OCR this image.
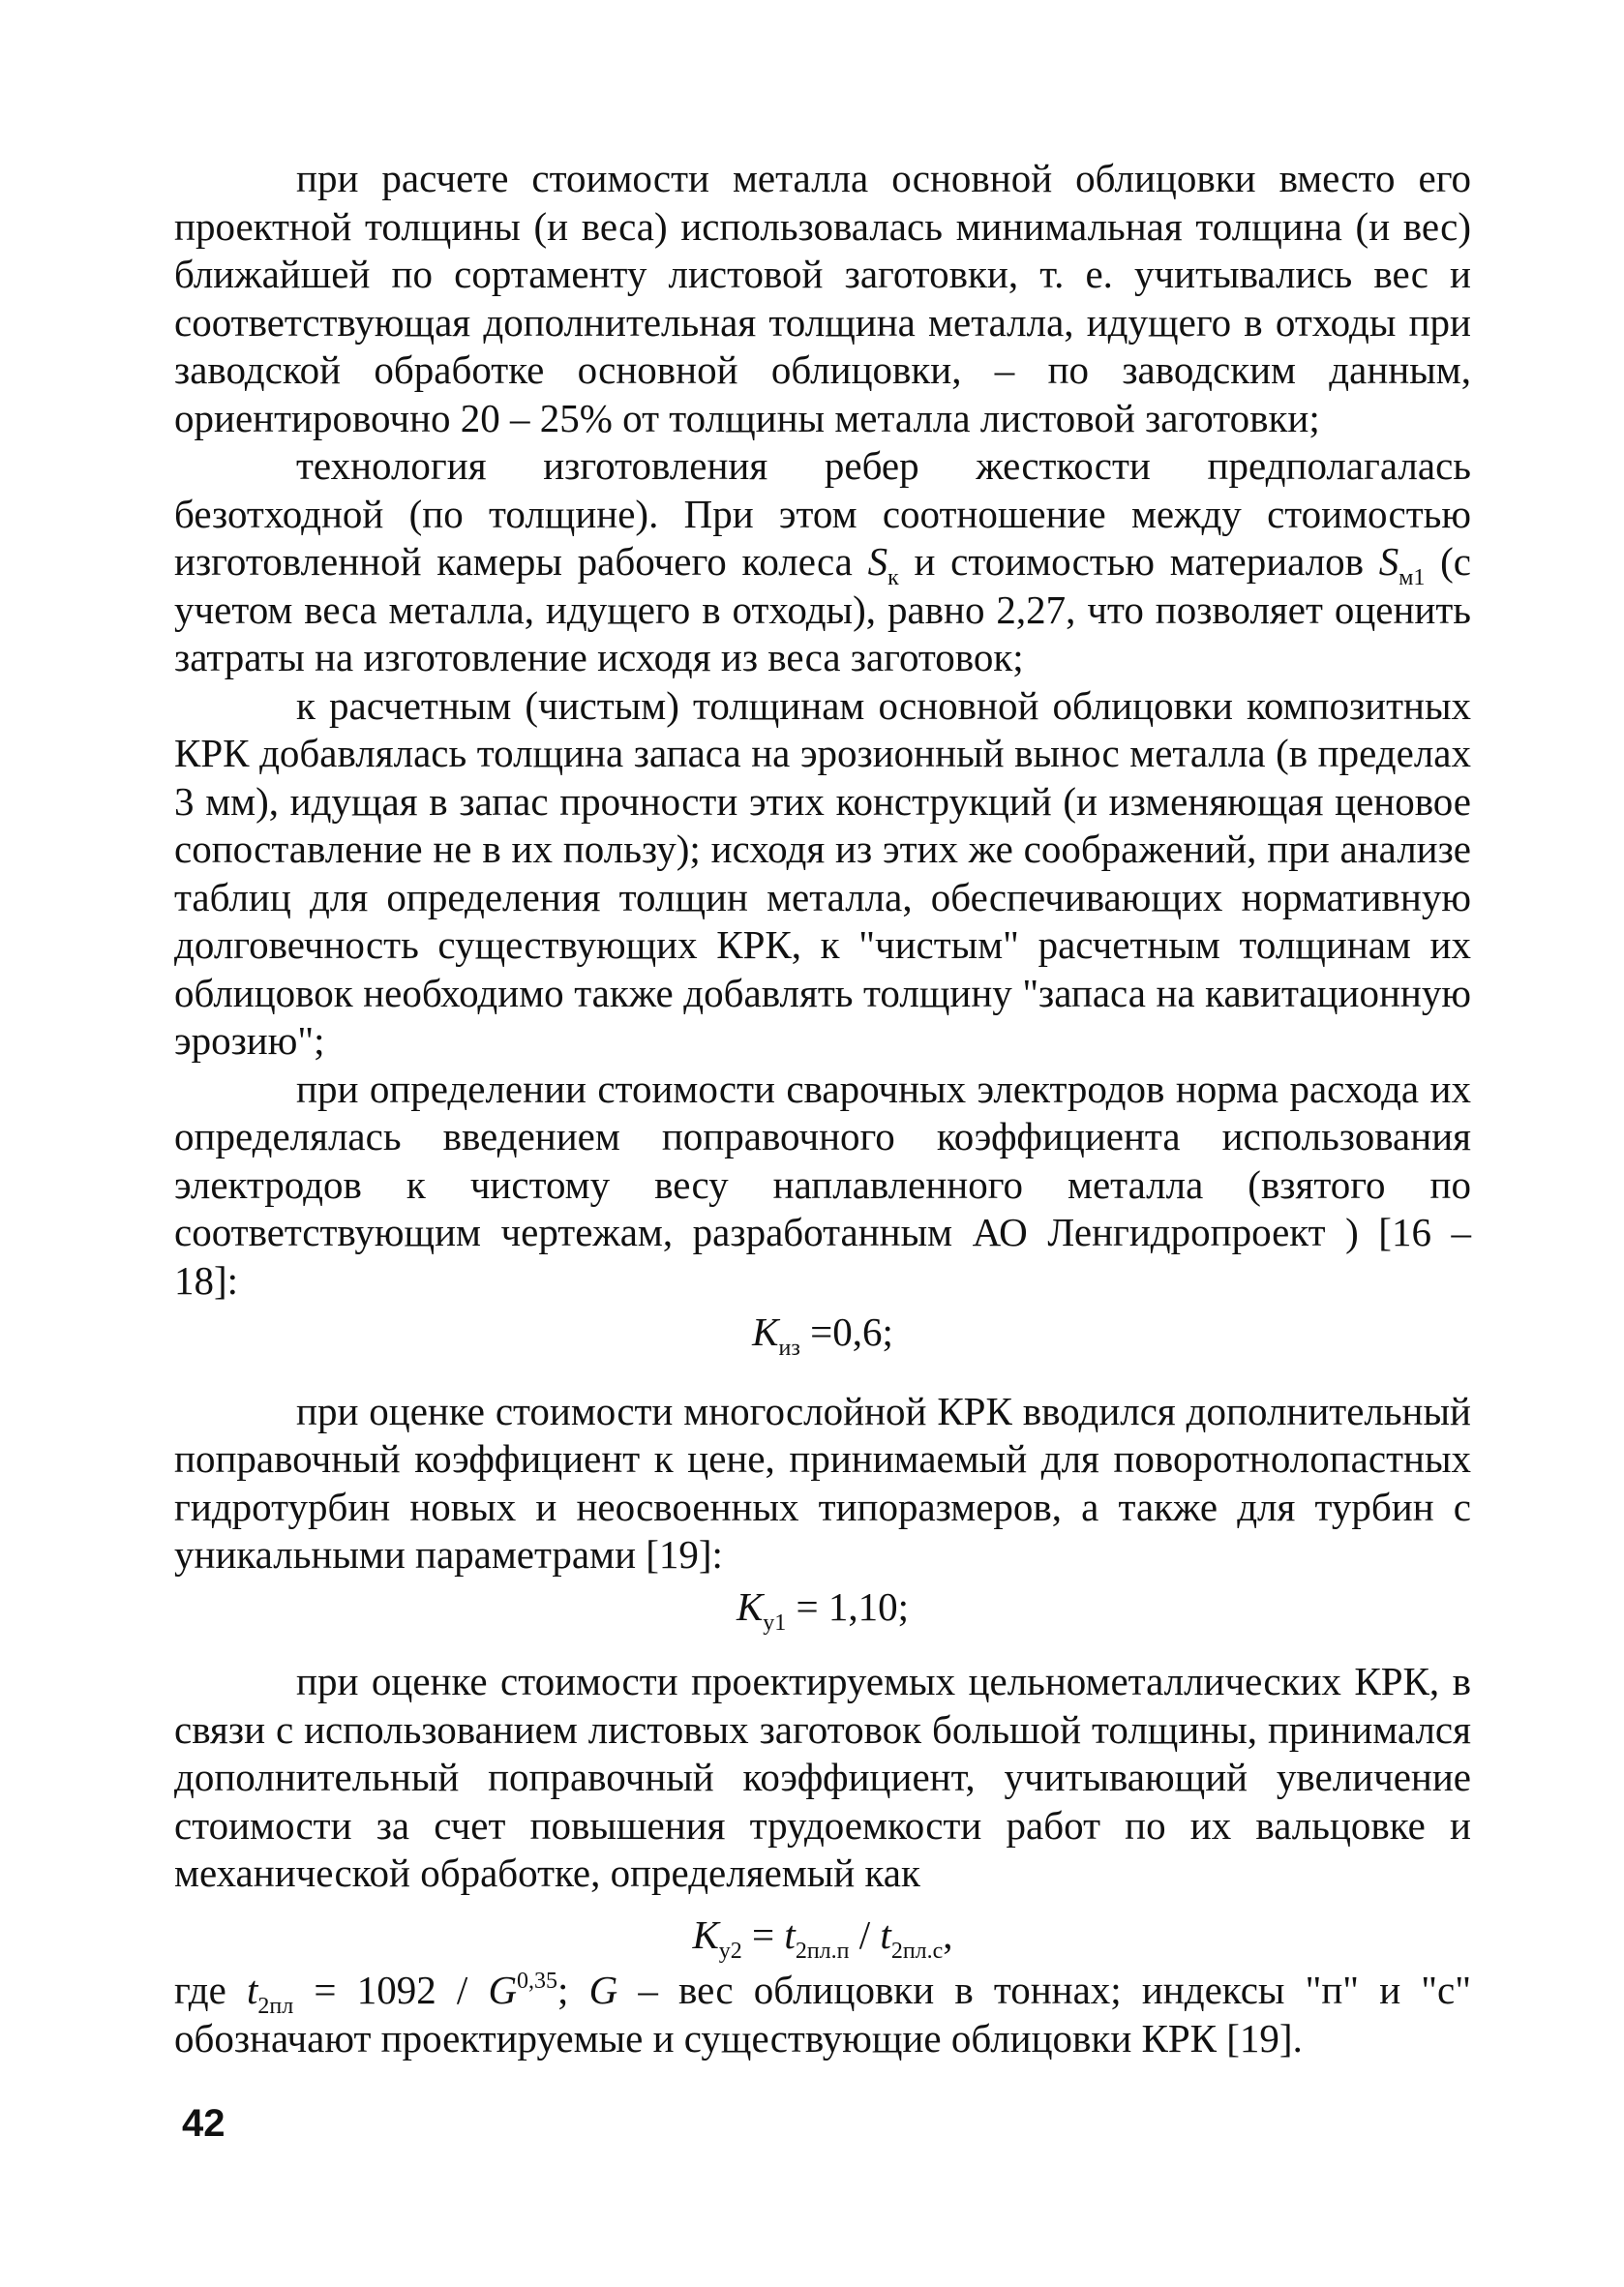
при расчете стоимости металла основной облицовки вместо его проектной толщины (и веса) использовалась минимальная толщина (и вес) ближайшей по сортаменту листовой заготовки, т. е. учитывались вес и соответствующая дополнительная толщина металла, идущего в отходы при заводской обработке основной облицовки, – по заводским данным, ориентировочно 20 – 25% от толщины металла листовой заготовки;

технология изготовления ребер жесткости предполагалась безотходной (по толщине). При этом соотношение между стоимостью изготовленной камеры рабочего колеса $S_к$ и стоимостью материалов $S_{м1}$ (с учетом веса металла, идущего в отходы), равно 2,27, что позволяет оценить затраты на изготовление исходя из веса заготовок;

к расчетным (чистым) толщинам основной облицовки композитных КРК добавлялась толщина запаса на эрозионный вынос металла (в пределах 3 мм), идущая в запас прочности этих конструкций (и изменяющая ценовое сопоставление не в их пользу); исходя из этих же соображений, при анализе таблиц для определения толщин металла, обеспечивающих нормативную долговечность существующих КРК, к "чистым" расчетным толщинам их облицовок необходимо также добавлять толщину "запаса на кавитационную эрозию";

при определении стоимости сварочных электродов норма расхода их определялась введением поправочного коэффициента использования электродов к чистому весу наплавленного металла (взятого по соответствующим чертежам, разработанным АО Ленгидропроект ) [16 – 18]:

$K_{из} =0,6$;

при оценке стоимости многослойной КРК вводился дополнительный поправочный коэффициент к цене, принимаемый для поворотнолопастных гидротурбин новых и неосвоенных типоразмеров, а также для турбин с уникальными параметрами [19]:

$K_{у1} = 1,10$;

при оценке стоимости проектируемых цельнометаллических КРК, в связи с использованием листовых заготовок большой толщины, принимался дополнительный поправочный коэффициент, учитывающий увеличение стоимости за счет повышения трудоемкости работ по их вальцовке и механической обработке, определяемый как

$K_{у2} = t_{2пл.п} / t_{2пл.с}$,

где $t_{2пл} = 1092 / G^{0,35}$; G – вес облицовки в тоннах; индексы "п" и "с" обозначают проектируемые и существующие облицовки КРК [19].

42
